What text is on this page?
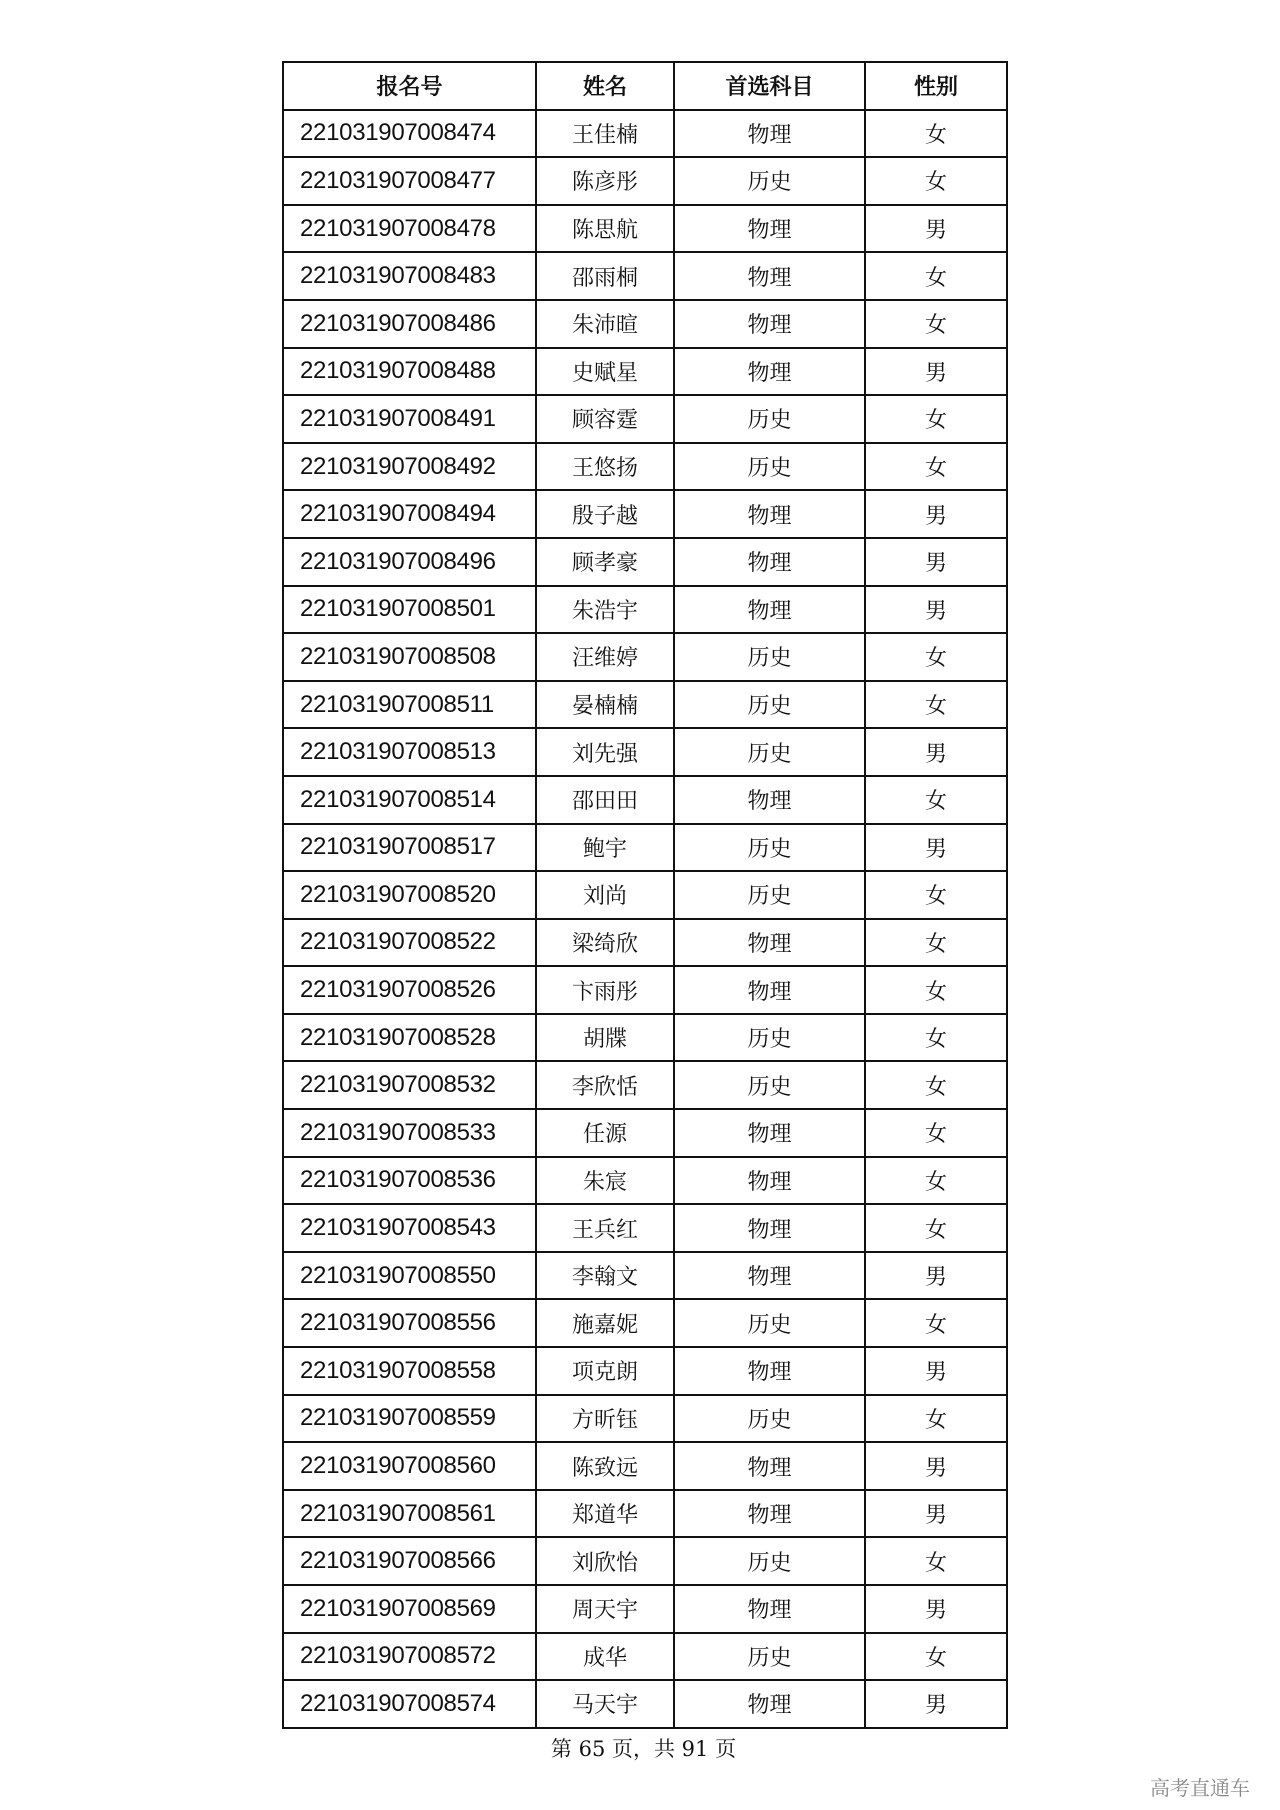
报名号	姓名	首选科目	性别
221031907008474	王佳楠	物理	女
221031907008477	陈彦彤	历史	女
221031907008478	陈思航	物理	男
221031907008483	邵雨桐	物理	女
221031907008486	朱沛暄	物理	女
221031907008488	史赋星	物理	男
221031907008491	顾容霆	历史	女
221031907008492	王悠扬	历史	女
221031907008494	殷子越	物理	男
221031907008496	顾孝豪	物理	男
221031907008501	朱浩宇	物理	男
221031907008508	汪维婷	历史	女
221031907008511	晏楠楠	历史	女
221031907008513	刘先强	历史	男
221031907008514	邵田田	物理	女
221031907008517	鲍宇	历史	男
221031907008520	刘尚	历史	女
221031907008522	梁绮欣	物理	女
221031907008526	卞雨彤	物理	女
221031907008528	胡牒	历史	女
221031907008532	李欣恬	历史	女
221031907008533	任源	物理	女
221031907008536	朱宸	物理	女
221031907008543	王兵红	物理	女
221031907008550	李翰文	物理	男
221031907008556	施嘉妮	历史	女
221031907008558	项克朗	物理	男
221031907008559	方昕钰	历史	女
221031907008560	陈致远	物理	男
221031907008561	郑道华	物理	男
221031907008566	刘欣怡	历史	女
221031907008569	周天宇	物理	男
221031907008572	成华	历史	女
221031907008574	马天宇	物理	男
第 65 页，共 91 页
高考直通车
